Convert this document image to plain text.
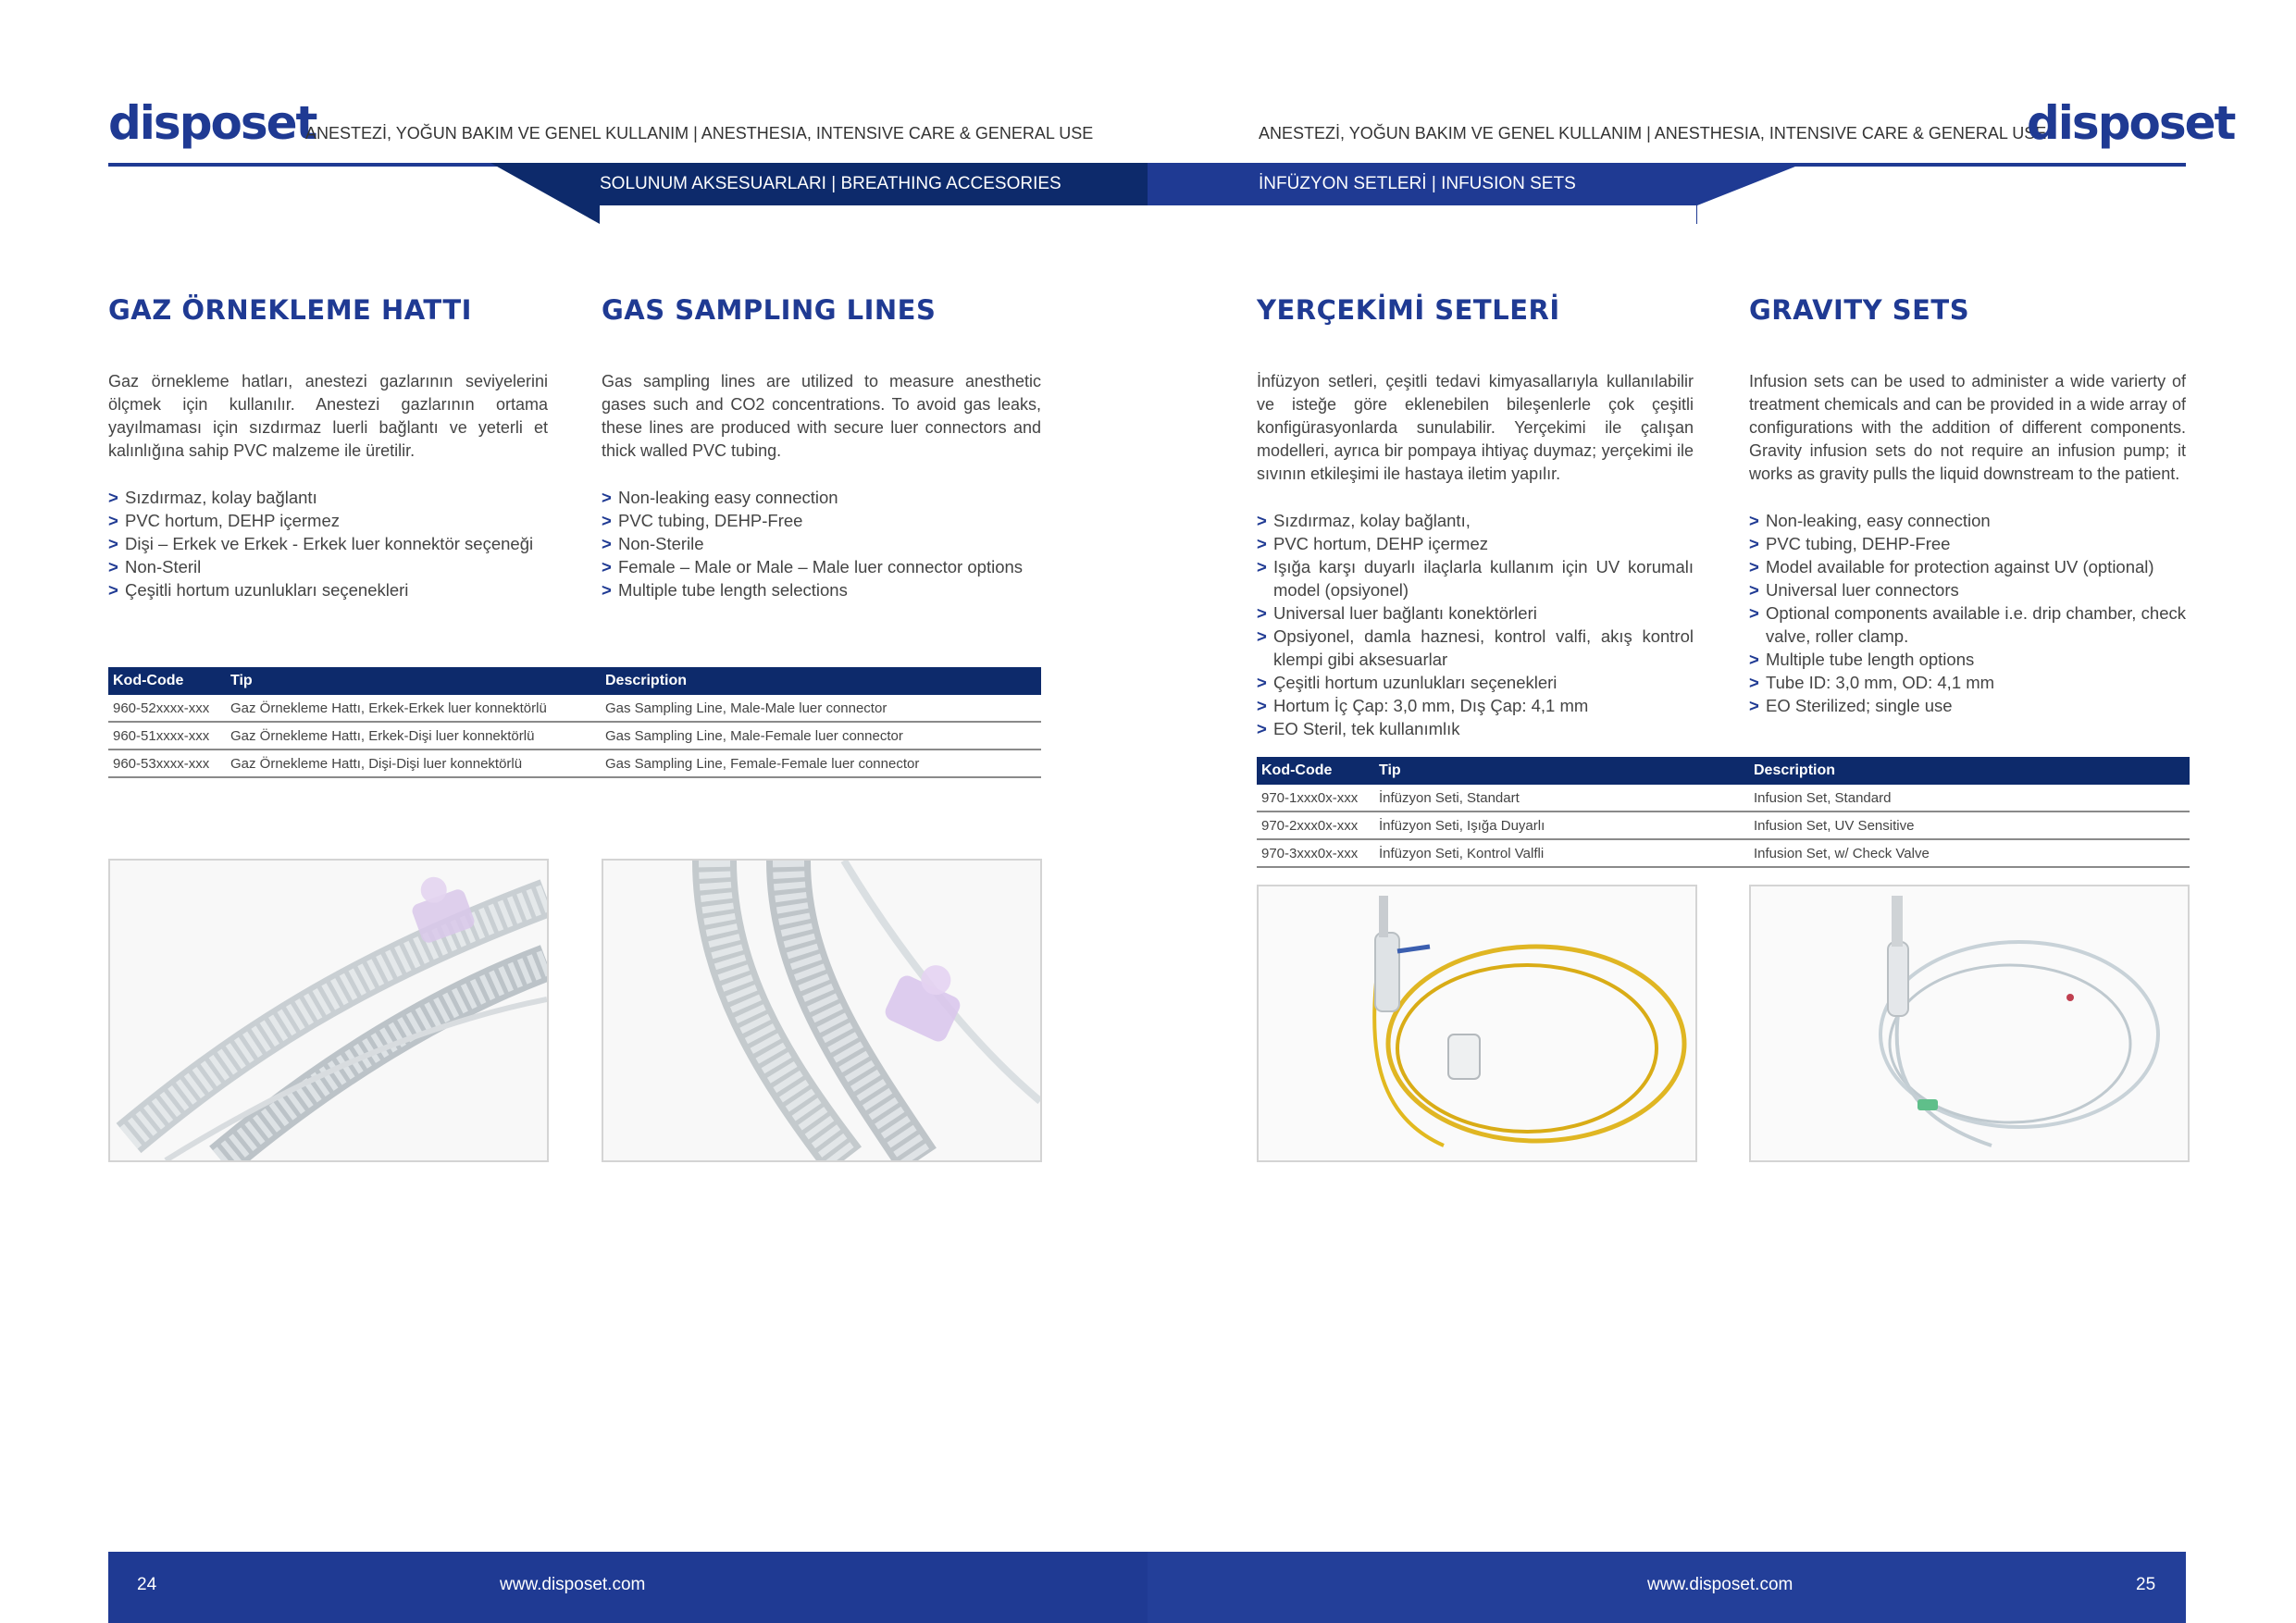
disposet
ANESTEZİ, YOĞUN BAKIM VE GENEL KULLANIM | ANESTHESIA, INTENSIVE CARE & GENERAL USE	ANESTEZİ, YOĞUN BAKIM VE GENEL KULLANIM | ANESTHESIA, INTENSIVE CARE & GENERAL USE
disposet
SOLUNUM AKSESUARLARI | BREATHING ACCESORIES	İNFÜZYON SETLERİ | INFUSION SETS
GAZ ÖRNEKLEME HATTI	GAS SAMPLING LINES
Gaz örnekleme hatları, anestezi gazlarının seviyelerini ölçmek için kullanılır. Anestezi gazlarının ortama yayılmaması için sızdırmaz luerli bağlantı ve yeterli et kalınlığına sahip PVC malzeme ile üretilir.
Gas sampling lines are utilized to measure anesthetic gases such and CO2 concentrations. To avoid gas leaks, these lines are produced with secure luer connectors and thick walled PVC tubing.
> Sızdırmaz, kolay bağlantı
> PVC hortum, DEHP içermez
> Dişi – Erkek ve Erkek - Erkek luer konnektör seçeneği
> Non-Steril
> Çeşitli hortum uzunlukları seçenekleri
> Non-leaking easy connection
> PVC tubing, DEHP-Free
> Non-Sterile
> Female – Male or Male – Male luer connector options
> Multiple tube length selections
Kod-Code	Tip	Description
960-52xxxx-xxx	Gaz Örnekleme Hattı, Erkek-Erkek luer konnektörlü	Gas Sampling Line, Male-Male luer connector
960-51xxxx-xxx	Gaz Örnekleme Hattı, Erkek-Dişi luer konnektörlü	Gas Sampling Line, Male-Female luer connector
960-53xxxx-xxx	Gaz Örnekleme Hattı, Dişi-Dişi luer konnektörlü	Gas Sampling Line, Female-Female luer connector
YERÇEKİMİ SETLERİ	GRAVITY SETS
İnfüzyon setleri, çeşitli tedavi kimyasallarıyla kullanılabilir ve isteğe göre eklenebilen bileşenlerle çok çeşitli konfigürasyonlarda sunulabilir. Yerçekimi ile çalışan modelleri, ayrıca bir pompaya ihtiyaç duymaz; yerçekimi ile sıvının etkileşimi ile hastaya iletim yapılır.
Infusion sets can be used to administer a wide varierty of treatment chemicals and can be provided in a wide array of configurations with the addition of different components. Gravity infusion sets do not require an infusion pump; it works as gravity pulls the liquid downstream to the patient.
> Sızdırmaz, kolay bağlantı,
> PVC hortum, DEHP içermez
> Işığa karşı duyarlı ilaçlarla kullanım için UV korumalı model (opsiyonel)
> Universal luer bağlantı konektörleri
> Opsiyonel, damla haznesi, kontrol valfi, akış kontrol klempi gibi aksesuarlar
> Çeşitli hortum uzunlukları seçenekleri
> Hortum İç Çap: 3,0 mm, Dış Çap: 4,1 mm
> EO Steril, tek kullanımlık
> Non-leaking, easy connection
> PVC tubing, DEHP-Free
> Model available for protection against UV (optional)
> Universal luer connectors
> Optional components available i.e. drip chamber, check valve, roller clamp.
> Multiple tube length options
> Tube ID: 3,0 mm, OD: 4,1 mm
> EO Sterilized; single use
Kod-Code	Tip	Description
970-1xxx0x-xxx	İnfüzyon Seti, Standart	Infusion Set, Standard
970-2xxx0x-xxx	İnfüzyon Seti, Işığa Duyarlı	Infusion Set, UV Sensitive
970-3xxx0x-xxx	İnfüzyon Seti, Kontrol Valfli	Infusion Set, w/ Check Valve
24	www.disposet.com	www.disposet.com	25
